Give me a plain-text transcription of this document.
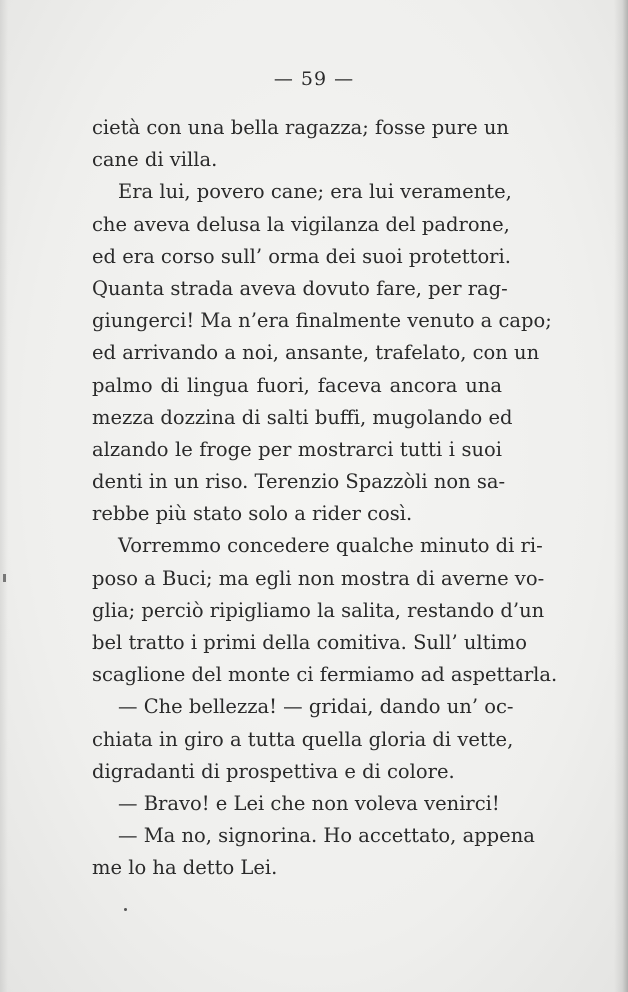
— 59 —
cietà con una bella ragazza; fosse pure un
cane di villa.
Era lui, povero cane; era lui veramente,
che aveva delusa la vigilanza del padrone,
ed era corso sull’ orma dei suoi protettori.
Quanta strada aveva dovuto fare, per rag-
giungerci! Ma n’era finalmente venuto a capo;
ed arrivando a noi, ansante, trafelato, con un
palmo di lingua fuori, faceva ancora una
mezza dozzina di salti buffi, mugolando ed
alzando le froge per mostrarci tutti i suoi
denti in un riso. Terenzio Spazzòli non sa-
rebbe più stato solo a rider così.
Vorremmo concedere qualche minuto di ri-
poso a Buci; ma egli non mostra di averne vo-
glia; perciò ripigliamo la salita, restando d’un
bel tratto i primi della comitiva. Sull’ ultimo
scaglione del monte ci fermiamo ad aspettarla.
— Che bellezza! — gridai, dando un’ oc-
chiata in giro a tutta quella gloria di vette,
digradanti di prospettiva e di colore.
— Bravo! e Lei che non voleva venirci!
— Ma no, signorina. Ho accettato, appena
me lo ha detto Lei.
